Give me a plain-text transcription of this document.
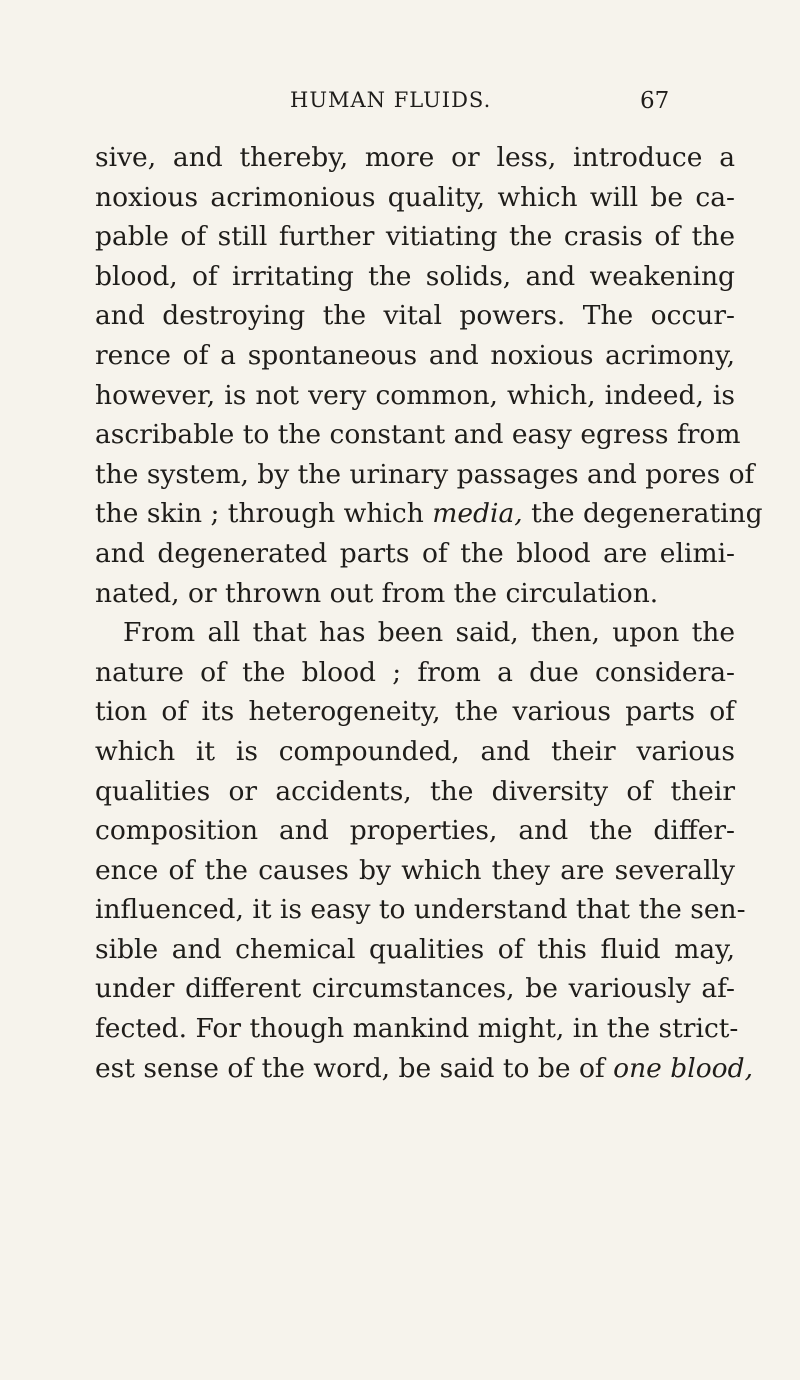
HUMAN FLUIDS.	67
sive, and thereby, more or less, introduce a
noxious acrimonious quality, which will be ca-
pable of still further vitiating the crasis of the
blood, of irritating the solids, and weakening
and destroying the vital powers. The occur-
rence of a spontaneous and noxious acrimony,
however, is not very common, which, indeed, is
ascribable to the constant and easy egress from
the system, by the urinary passages and pores of
the skin ; through which media, the degenerating
and degenerated parts of the blood are elimi-
nated, or thrown out from the circulation.
From all that has been said, then, upon the
nature of the blood ; from a due considera-
tion of its heterogeneity, the various parts of
which it is compounded, and their various
qualities or accidents, the diversity of their
composition and properties, and the differ-
ence of the causes by which they are severally
influenced, it is easy to understand that the sen-
sible and chemical qualities of this fluid may,
under different circumstances, be variously af-
fected. For though mankind might, in the strict-
est sense of the word, be said to be of one blood,
